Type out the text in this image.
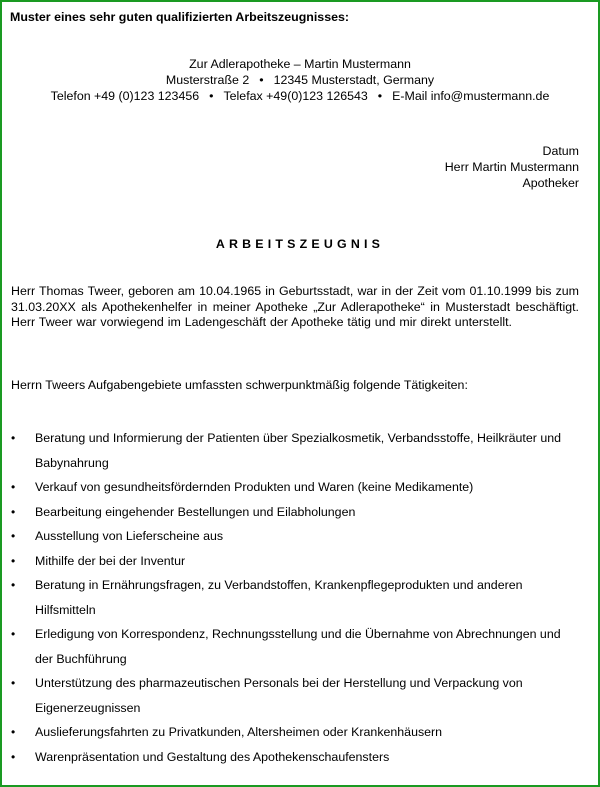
Muster eines sehr guten qualifizierten Arbeitszeugnisses:
Zur Adlerapotheke – Martin Mustermann
Musterstraße 2 • 12345 Musterstadt, Germany
Telefon +49 (0)123 123456 • Telefax +49(0)123 126543 • E-Mail info@mustermann.de
Datum
Herr Martin Mustermann
Apotheker
ARBEITSZEUGNIS
Herr Thomas Tweer, geboren am 10.04.1965 in Geburtsstadt, war in der Zeit vom 01.10.1999 bis zum 31.03.20XX als Apothekenhelfer in meiner Apotheke „Zur Adlerapotheke“ in Musterstadt beschäftigt. Herr Tweer war vorwiegend im Ladengeschäft der Apotheke tätig und mir direkt unterstellt.
Herrn Tweers Aufgabengebiete umfassten schwerpunktmäßig folgende Tätigkeiten:
• Beratung und Informierung der Patienten über Spezialkosmetik, Verbandsstoffe, Heilkräuter und Babynahrung
• Verkauf von gesundheitsfördernden Produkten und Waren (keine Medikamente)
• Bearbeitung eingehender Bestellungen und Eilabholungen
• Ausstellung von Lieferscheine aus
• Mithilfe der bei der Inventur
• Beratung in Ernährungsfragen, zu Verbandstoffen, Krankenpflegeprodukten und anderen Hilfsmitteln
• Erledigung von Korrespondenz, Rechnungsstellung und die Übernahme von Abrechnungen und der Buchführung
• Unterstützung des pharmazeutischen Personals bei der Herstellung und Verpackung von Eigenerzeugnissen
• Auslieferungsfahrten zu Privatkunden, Altersheimen oder Krankenhäusern
• Warenpräsentation und Gestaltung des Apothekenschaufensters
